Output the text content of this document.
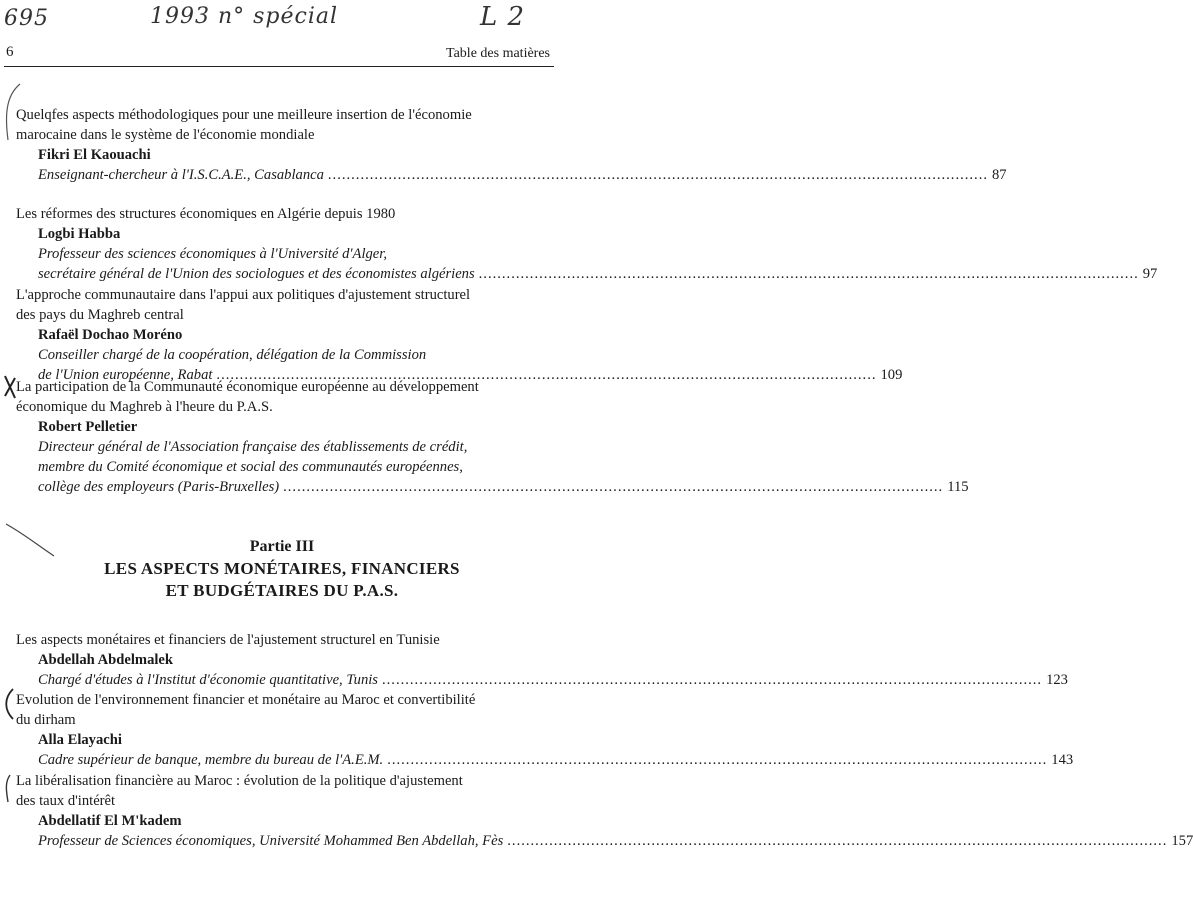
695	1993 n° spécial	L 2
6	Table des matières
Quelqfes aspects méthodologiques pour une meilleure insertion de l'économie
marocaine dans le système de l'économie mondiale
Fikri El Kaouachi
Enseignant-chercheur à l'I.S.C.A.E., Casablanca .....	87
Les réformes des structures économiques en Algérie depuis 1980
Logbi Habba
Professeur des sciences économiques à l'Université d'Alger,
secrétaire général de l'Union des sociologues et des économistes algériens .....	97
L'approche communautaire dans l'appui aux politiques d'ajustement structurel
des pays du Maghreb central
Rafaël Dochao Moréno
Conseiller chargé de la coopération, délégation de la Commission
de l'Union européenne, Rabat .....	109
La participation de la Communauté économique européenne au développement
économique du Maghreb à l'heure du P.A.S.
Robert Pelletier
Directeur général de l'Association française des établissements de crédit,
membre du Comité économique et social des communautés européennes,
collège des employeurs (Paris-Bruxelles) .....	115
Partie III
LES ASPECTS MONÉTAIRES, FINANCIERS
ET BUDGÉTAIRES DU P.A.S.
Les aspects monétaires et financiers de l'ajustement structurel en Tunisie
Abdellah Abdelmalek
Chargé d'études à l'Institut d'économie quantitative, Tunis .....	123
Evolution de l'environnement financier et monétaire au Maroc et convertibilité
du dirham
Alla Elayachi
Cadre supérieur de banque, membre du bureau de l'A.E.M. .....	143
La libéralisation financière au Maroc : évolution de la politique d'ajustement
des taux d'intérêt
Abdellatif El M'kadem
Professeur de Sciences économiques, Université Mohammed Ben Abdellah, Fès .....	157
